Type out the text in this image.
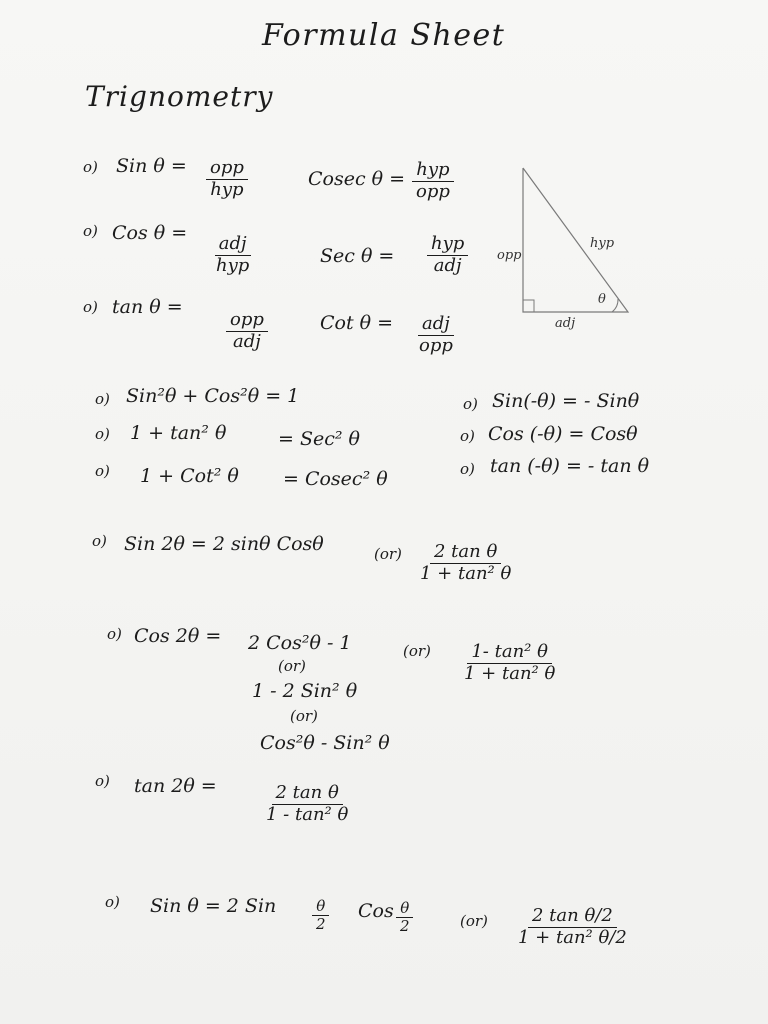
Formula Sheet
Trignometry
o) Sin θ = opp
hyp	Cosec θ = hyp
opp
o) Cos θ = adj
hyp	Sec θ =
hyp
adj
o) tan θ =
opp
adj
Cot θ = adj
opp
opp
hyp
adj
θ
o) Sin²θ + Cos²θ = 1
o) 1 + tan² θ	= Sec² θ
o) 1 + Cot² θ = Cosec² θ
o) Sin(-θ) = - Sinθ
o) Cos (-θ) = Cosθ
o) tan (-θ) = - tan θ
o) Sin 2θ = 2 sinθ Cosθ	$(or) \frac{\text{2 tan θ}}{\text{1 + tan² θ}}$
o) Cos 2θ = 2 Cos²θ - 1
(or)
1 - 2 Sin² θ
(or)
Cos²θ - Sin² θ
$(or) \frac{\text{1- tan² θ}}{\text{1 + tan² θ}}$
o) tan 2θ =	$\frac{\text{2 tan θ}}{\text{1 - tan² θ}}$
o) Sin θ = 2 Sin $\frac{\theta}{2}$ Cos $\frac{\theta}{2}$	$(or) \frac{\text{2 tan θ/2}}{\text{1 + tan² θ/2}}$
